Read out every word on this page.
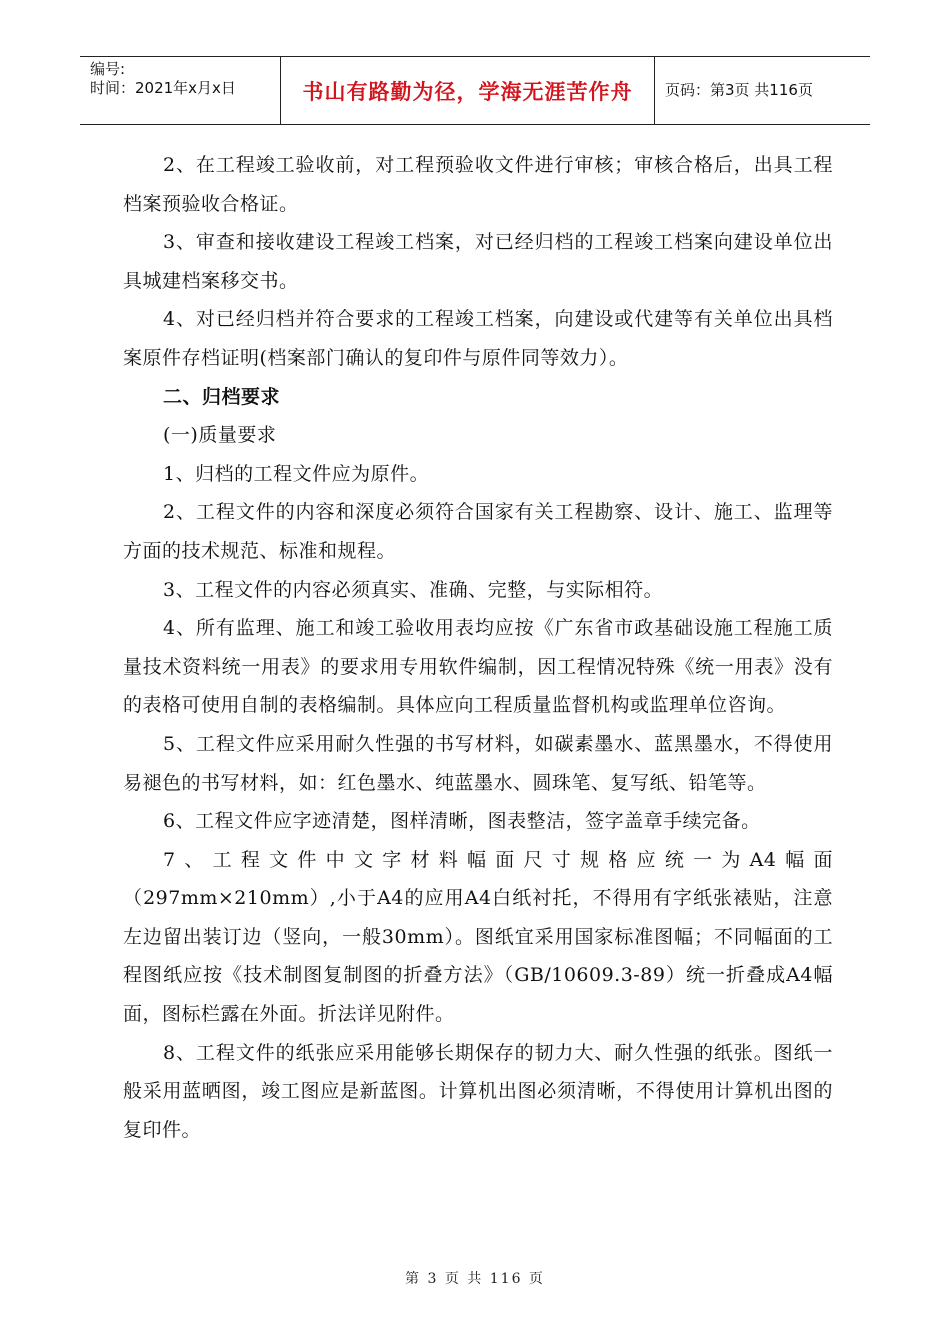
编号:
时间：2021年x月x日	书山有路勤为径，学海无涯苦作舟 页码：第3页 共116页

2、在工程竣工验收前，对工程预验收文件进行审核；审核合格后，出具工程档案预验收合格证。

3、审查和接收建设工程竣工档案，对已经归档的工程竣工档案向建设单位出具城建档案移交书。

4、对已经归档并符合要求的工程竣工档案，向建设或代建等有关单位出具档案原件存档证明(档案部门确认的复印件与原件同等效力）。

二、归档要求

(一)质量要求

1、归档的工程文件应为原件。

2、工程文件的内容和深度必须符合国家有关工程勘察、设计、施工、监理等方面的技术规范、标准和规程。

3、工程文件的内容必须真实、准确、完整，与实际相符。

4、所有监理、施工和竣工验收用表均应按《广东省市政基础设施工程施工质量技术资料统一用表》的要求用专用软件编制，因工程情况特殊《统一用表》没有的表格可使用自制的表格编制。具体应向工程质量监督机构或监理单位咨询。

5、工程文件应采用耐久性强的书写材料，如碳素墨水、蓝黑墨水，不得使用易褪色的书写材料，如：红色墨水、纯蓝墨水、圆珠笔、复写纸、铅笔等。

6、工程文件应字迹清楚，图样清晰，图表整洁，签字盖章手续完备。

7、工程文件中文字材料幅面尺寸规格应统一为A4幅面（297mm×210mm）,小于A4的应用A4白纸衬托，不得用有字纸张裱贴，注意左边留出装订边（竖向，一般30mm）。图纸宜采用国家标准图幅；不同幅面的工程图纸应按《技术制图复制图的折叠方法》（GB/10609.3-89）统一折叠成A4幅面，图标栏露在外面。折法详见附件。

8、工程文件的纸张应采用能够长期保存的韧力大、耐久性强的纸张。图纸一般采用蓝晒图，竣工图应是新蓝图。计算机出图必须清晰，不得使用计算机出图的复印件。

第 3 页 共 116 页
